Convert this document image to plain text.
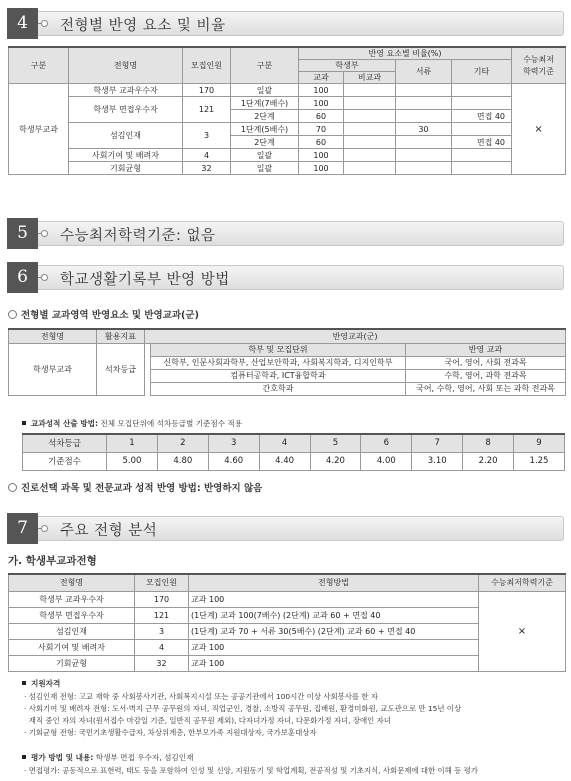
4	전형별 반영 요소 및 비율
구분	전형명	모집인원	구분	반영 요소별 비율(%)				수능최저
학력기준
				학생부		서류	기타	
				교과	비교과			
학생부교과	학생부 교과우수자	170	일괄	100				×
	학생부 면접우수자	121	1단계(7배수)	100				
			2단계	60			면접 40	
	섬김인재	3	1단계(5배수)	70		30		
			2단계	60			면접 40	
	사회기여 및 배려자	4	일괄	100				
	기회균형	32	일괄	100				
5	수능최저학력기준: 없음
6	학교생활기록부 반영 방법
전형별 교과영역 반영요소 및 반영교과(군)
전형명	활용지표	반영교과(군)		
학생부교과	석차등급		학부 및 모집단위	반영 교과
			신학부, 인문사회과학부, 산업보안학과, 사회복지학과, 디지인학부	국어, 영어, 사회 전과목
			컴퓨터공학과, ICT융합학과	수학, 영어, 과학 전과목
			간호학과	국어, 수학, 영어, 사회 또는 과학 전과목
교과성적 산출 방법: 전체 모집단위에 석차등급별 기준점수 적용
석차등급	1	2	3	4	5	6	7	8	9
기준점수	5.00	4.80	4.60	4.40	4.20	4.00	3.10	2.20	1.25
진로선택 과목 및 전문교과 성적 반영 방법: 반영하지 않음
7	주요 전형 분석
가. 학생부교과전형
전형명	모집인원	전형방법	수능최저학력기준
학생부 교과우수자	170	교과 100	×
학생부 면접우수자	121	(1단계) 교과 100(7배수) (2단계) 교과 60 + 면접 40	
섬김인재	3	(1단계) 교과 70 + 서류 30(5배수) (2단계) 교과 60 + 면접 40	
사회기여 및 배려자	4	교과 100	
기회균형	32	교과 100	
지원자격
· 섬김인재 전형: 고교 재학 중 사회봉사기관, 사회복지시설 또는 공공기관에서 100시간 이상 사회봉사를 한 자
· 사회기여 및 배려자 전형: 도서·벽지 근무 공무원의 자녀, 직업군인, 경찰, 소방직 공무원, 집배원, 환경미화원, 교도관으로 만 15년 이상
재직 중인 자의 자녀(원서접수 마감일 기준, 일반직 공무원 제외), 다자녀가정 자녀, 다문화가정 자녀, 장애인 자녀
· 기회균형 전형: 국민기초생활수급자, 차상위계층, 한부모가족 지원대상자, 국가보훈대상자
평가 방법 및 내용: 학생부 면접 우수자, 섬김인재
· 면접평가: 공동적으로 표현력, 태도 등을 포함하여 인성 및 신앙, 지원동기 및 학업계획, 전공적성 및 기초지식, 사회문제에 대한 이해 등 평가
